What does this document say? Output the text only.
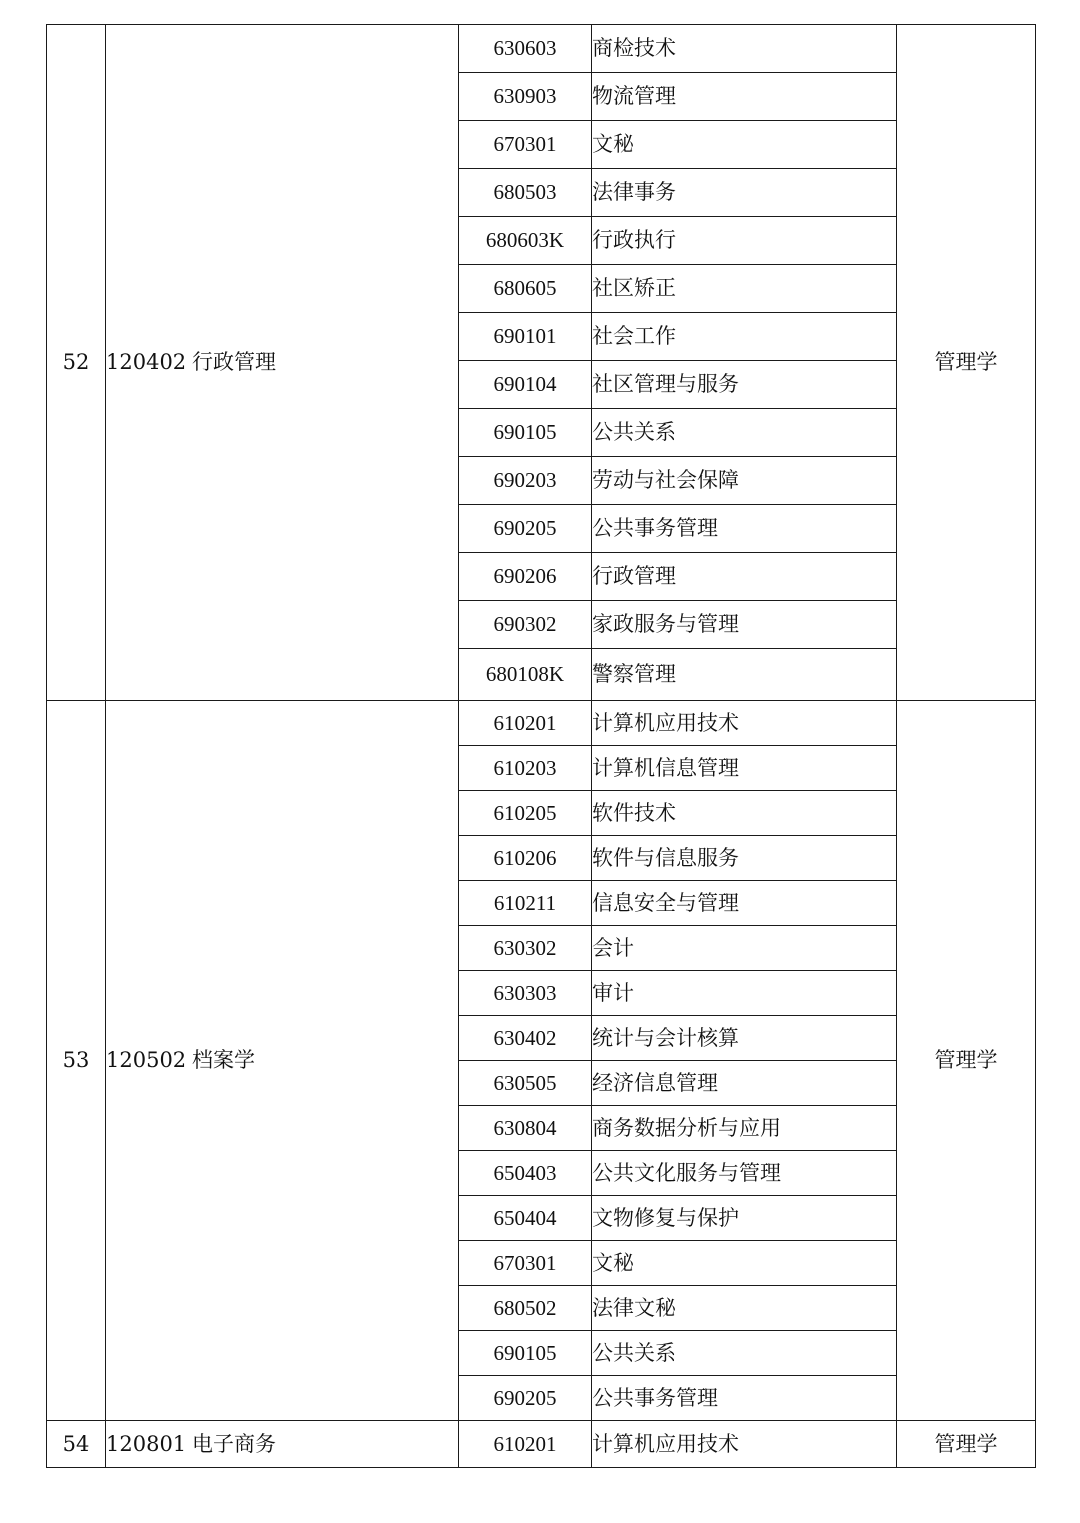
52	120402 行政管理	630603	商检技术	管理学
		630903	物流管理	
		670301	文秘	
		680503	法律事务	
		680603K	行政执行	
		680605	社区矫正	
		690101	社会工作	
		690104	社区管理与服务	
		690105	公共关系	
		690203	劳动与社会保障	
		690205	公共事务管理	
		690206	行政管理	
		690302	家政服务与管理	
		680108K	警察管理	
53	120502 档案学	610201	计算机应用技术	管理学
		610203	计算机信息管理	
		610205	软件技术	
		610206	软件与信息服务	
		610211	信息安全与管理	
		630302	会计	
		630303	审计	
		630402	统计与会计核算	
		630505	经济信息管理	
		630804	商务数据分析与应用	
		650403	公共文化服务与管理	
		650404	文物修复与保护	
		670301	文秘	
		680502	法律文秘	
		690105	公共关系	
		690205	公共事务管理	
54	120801 电子商务	610201	计算机应用技术	管理学
